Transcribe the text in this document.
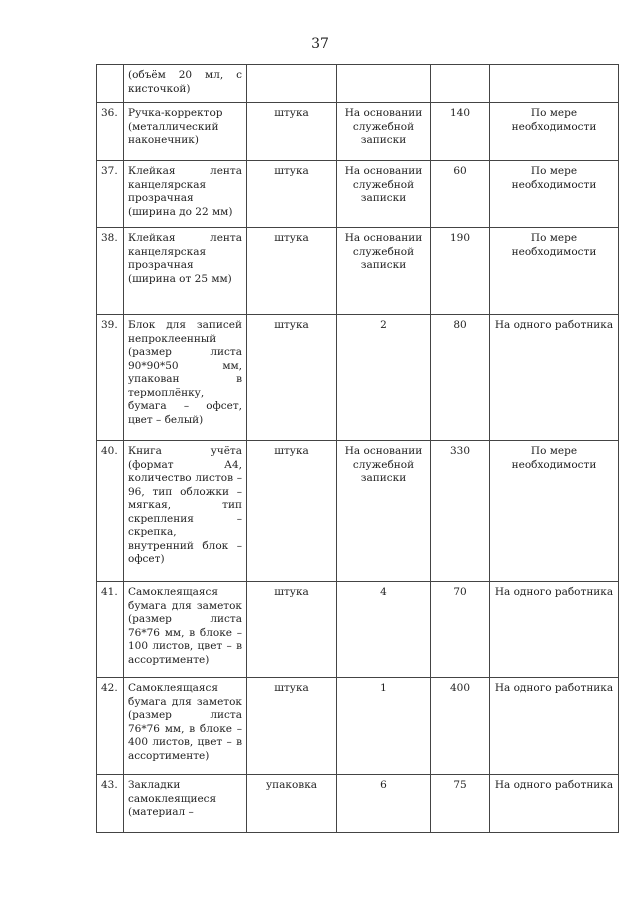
37
	(объём 20 мл, с кисточкой)				
36.	Ручка-корректор (металлический наконечник)	штука	На основании служебной записки	140	По мере необходимости
37.	Клейкая лента канцелярская прозрачная (ширина до 22 мм)	штука	На основании служебной записки	60	По мере необходимости
38.	Клейкая лента канцелярская прозрачная (ширина от 25 мм)	штука	На основании служебной записки	190	По мере необходимости
39.	Блок для записей непроклеенный (размер листа 90*90*50 мм, упакован в термоплёнку, бумага – офсет, цвет – белый)	штука	2	80	На одного работника
40.	Книга учёта (формат А4, количество листов – 96, тип обложки – мягкая, тип скрепления – скрепка, внутренний блок – офсет)	штука	На основании служебной записки	330	По мере необходимости
41.	Самоклеящаяся бумага для заметок (размер листа 76*76 мм, в блоке – 100 листов, цвет – в ассортименте)	штука	4	70	На одного работника
42.	Самоклеящаяся бумага для заметок (размер листа 76*76 мм, в блоке – 400 листов, цвет – в ассортименте)	штука	1	400	На одного работника
43.	Закладки самоклеящиеся (материал –	упаковка	6	75	На одного работника
